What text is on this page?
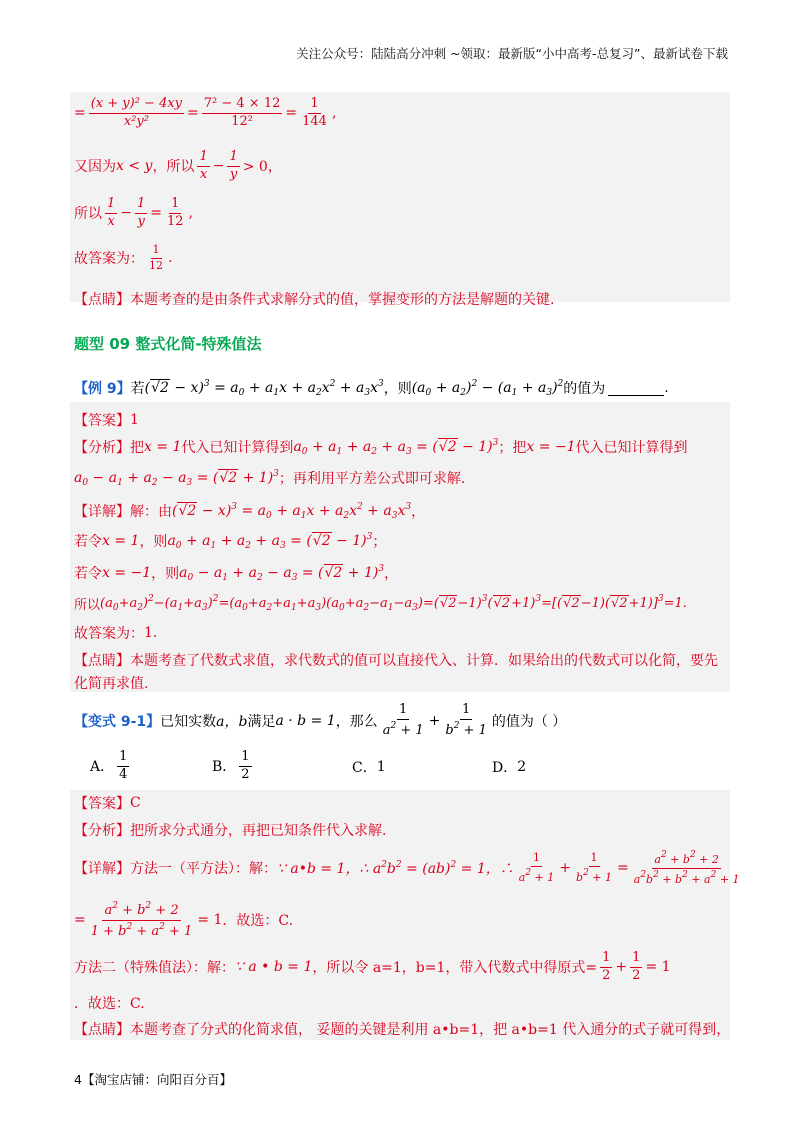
关注公众号：陆陆高分冲刺 ~领取：最新版“小中高考-总复习”、最新试卷下载
= $\frac{\text{(x + y)² − 4xy}}{\text{x²y²}} = \frac{\text{7² − 4 × 12}}{\text{12²}} = \frac{1}{144}$ ,
又因为 x < y ，所以 $\frac{1}{x} - \frac{1}{y} > 0$，
所以 $\frac{1}{x} - \frac{1}{y} = \frac{1}{12}$ ,
故答案为： $\frac{1}{12}$ .
【点睛】 本题考查的是由条件式求解分式的值，掌握变形的方法是解题的关键.
题型 09 整式化简-特殊值法
【例 9】 若 $(√2 - x)^3 = a_0 + a_1x + a_2x^2 + a_3x^3$ ，则 $(a_0 + a_2)^2 - (a_1 + a_3)^2$ 的值为	.
【答案】 1
【分析】 把 x = 1 代入已知计算得到 $a_0 + a_1 + a_2 + a_3 = (√2 - 1)^3$ ；把 x = −1 代入已知计算得到
$a_0 - a_1 + a_2 - a_3 = (√2 + 1)^3$ ；再利用平方差公式即可求解.
【详解】 解：由 $(√2 - x)^3 = a_0 + a_1x + a_2x^2 + a_3x^3$ ，
若令 x = 1 ，则 $a_0 + a_1 + a_2 + a_3 = (√2 - 1)^3$ ；
若令 x = −1 ，则 $a_0 - a_1 + a_2 - a_3 = (√2 + 1)^3$ ，
所以 $(a_0+a_2)^2-(a_1+a_3)^2=(a_0+a_2+a_1+a_3)(a_0+a_2-a_1-a_3)=(√2-1)^3(√2+1)^3=[(√2-1)(√2+1)]^3=1$.
故答案为： 1.
【点睛】 本题考查了代数式求值，求代数式的值可以直接代入、计算．如果给出的代数式可以化简，要先
化简再求值.
【变式 9-1】 已知实数 a，b 满足 a · b = 1 ，那么 $\frac{1}{a^2 + 1} + \frac{1}{b^2 + 1}$ 的值为（ ）
A． $\frac{1}{4}$	B． $\frac{1}{2}$	C． 1	D． 2
【答案】 C
【分析】 把所求分式通分，再把已知条件代入求解.
【详解】 方法一（平方法）：解： ∵ a•b = 1，∴ $a^2b^2 = (ab)^2 = 1$，∴ $\frac{1}{a^2 + 1} + \frac{1}{b^2 + 1} = \frac{a^2 + b^2 + 2}{a^2b^2 + b^2 + a^2 + 1}$
= $\frac{a^2 + b^2 + 2}{1 + b^2 + a^2 + 1} = 1$ ．故选：C.
方法二（特殊值法）：解： ∵ a • b = 1 ，所以令 a=1，b=1，带入代数式中得原式= $\frac{1}{2} + \frac{1}{2} = 1$
．故选：C.
【点睛】 本题考查了分式的化简求值， 妥题的关键是利用 a•b=1，把 a•b=1 代入通分的式子就可得到，
4【淘宝店铺：向阳百分百】
